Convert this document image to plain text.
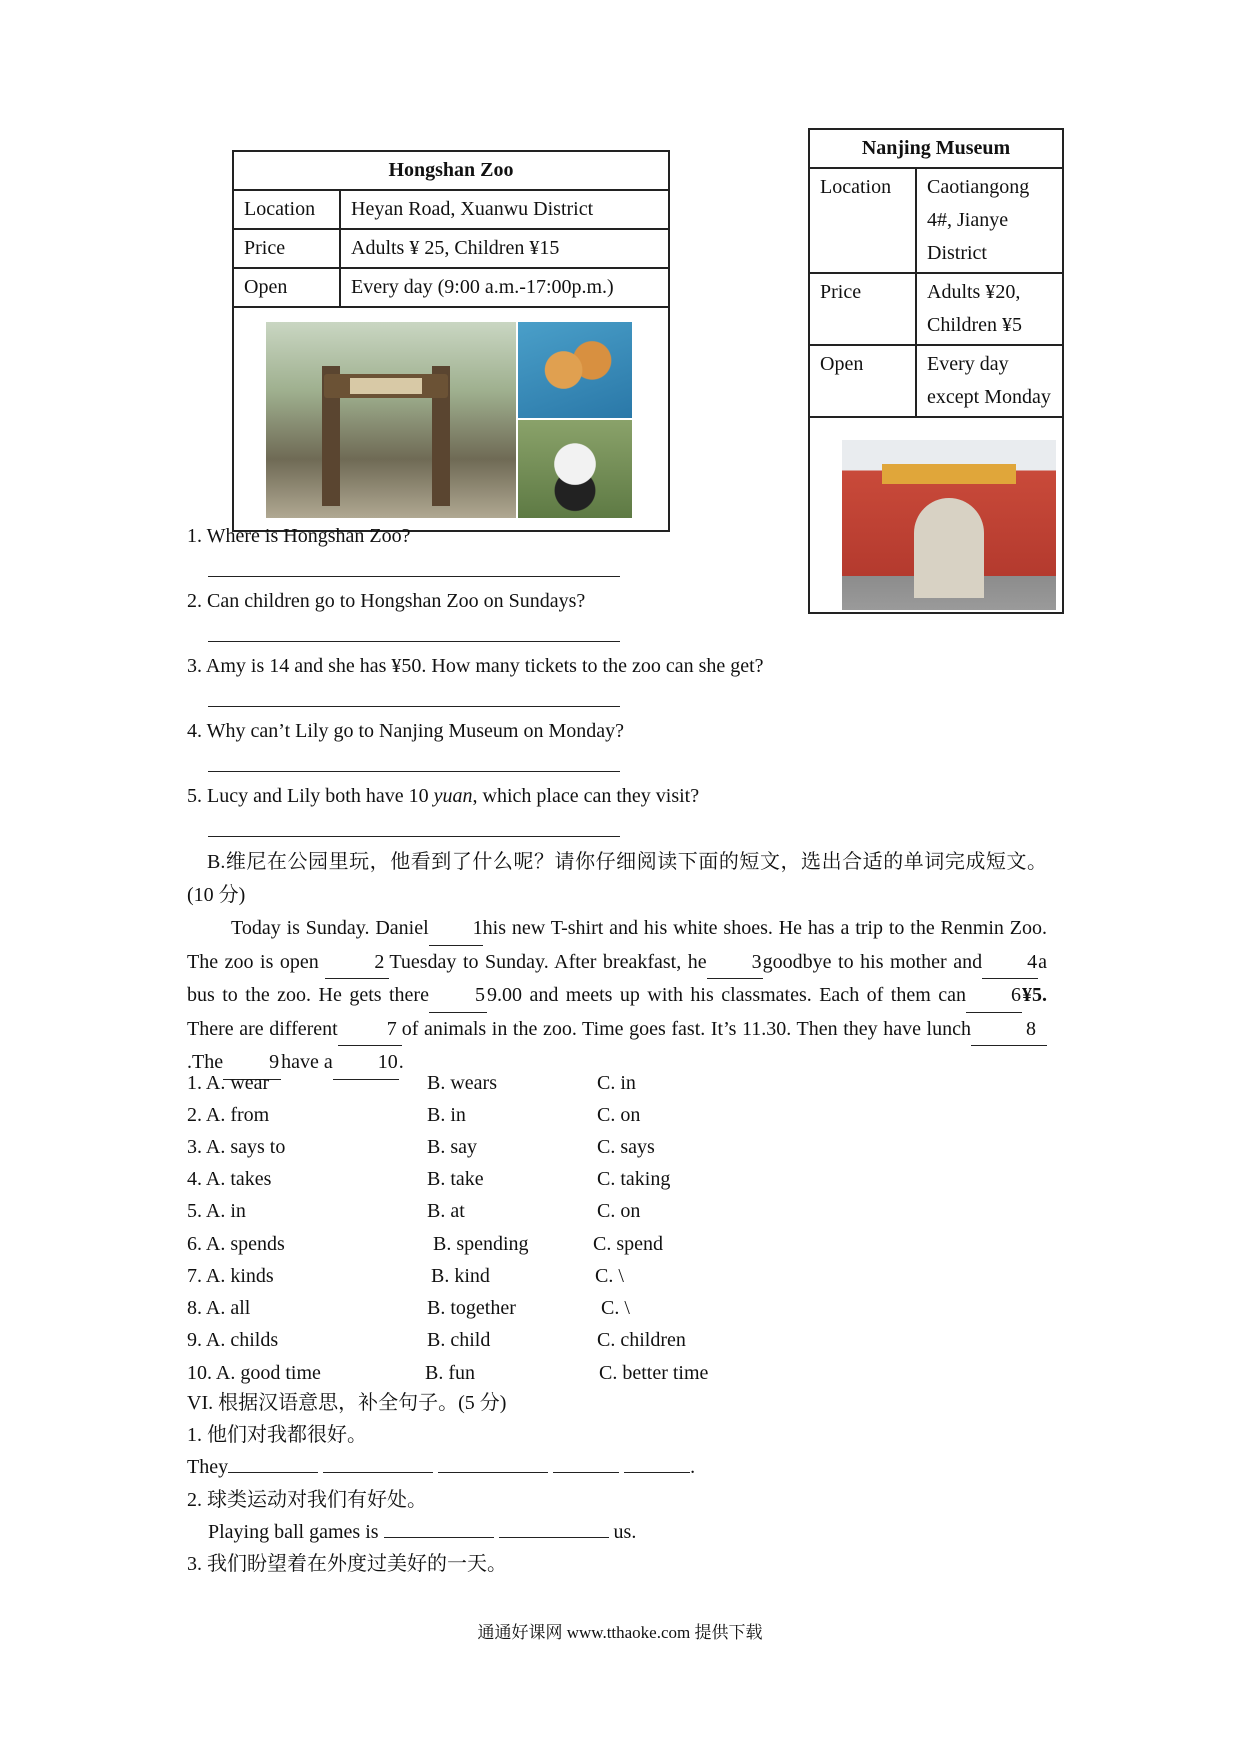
Hongshan Zoo	
Location	Heyan Road, Xuanwu District
Price	Adults ¥ 25, Children ¥15
Open	Every day (9:00 a.m.-17:00p.m.)

Nanjing Museum	
Location	Caotiangong 4#, Jianye District
Price	Adults ¥20, Children ¥5
Open	Every day except Monday

1. Where is Hongshan Zoo?
2. Can children go to Hongshan Zoo on Sundays?
3. Amy is 14 and she has ¥50. How many tickets to the zoo can she get?
4. Why can’t Lily go to Nanjing Museum on Monday?
5. Lucy and Lily both have 10 yuan, which place can they visit?
B.维尼在公园里玩，他看到了什么呢？请你仔细阅读下面的短文，选出合适的单词完成短文。(10 分)
Today is Sunday. Daniel 1his new T-shirt and his white shoes. He has a trip to the Renmin Zoo. The zoo is open 2 Tuesday to Sunday. After breakfast, he 3goodbye to his mother and 4a bus to the zoo. He gets there 5 9.00 and meets up with his classmates. Each of them can 6¥5. There are different 7 of animals in the zoo. Time goes fast. It’s 11.30. Then they have lunch	8.The 9 have a 10.
1. A. wear	B. wears	C. in
2. A. from	B. in	C. on
3. A. says to	B. say	C. says
4. A. takes	B. take	C. taking
5. A. in	B. at	C. on
6. A. spends	B. spending	C. spend
7. A. kinds	B. kind	C. \
8. A. all	B. together	C. \
9. A. childs	B. child	C. children
10. A. good time	B. fun	C. better time
VI. 根据汉语意思，补全句子。(5 分)
1. 他们对我都很好。
They	.
2. 球类运动对我们有好处。
Playing ball games is	us.
3. 我们盼望着在外度过美好的一天。
通通好课网 www.tthaoke.com 提供下载
